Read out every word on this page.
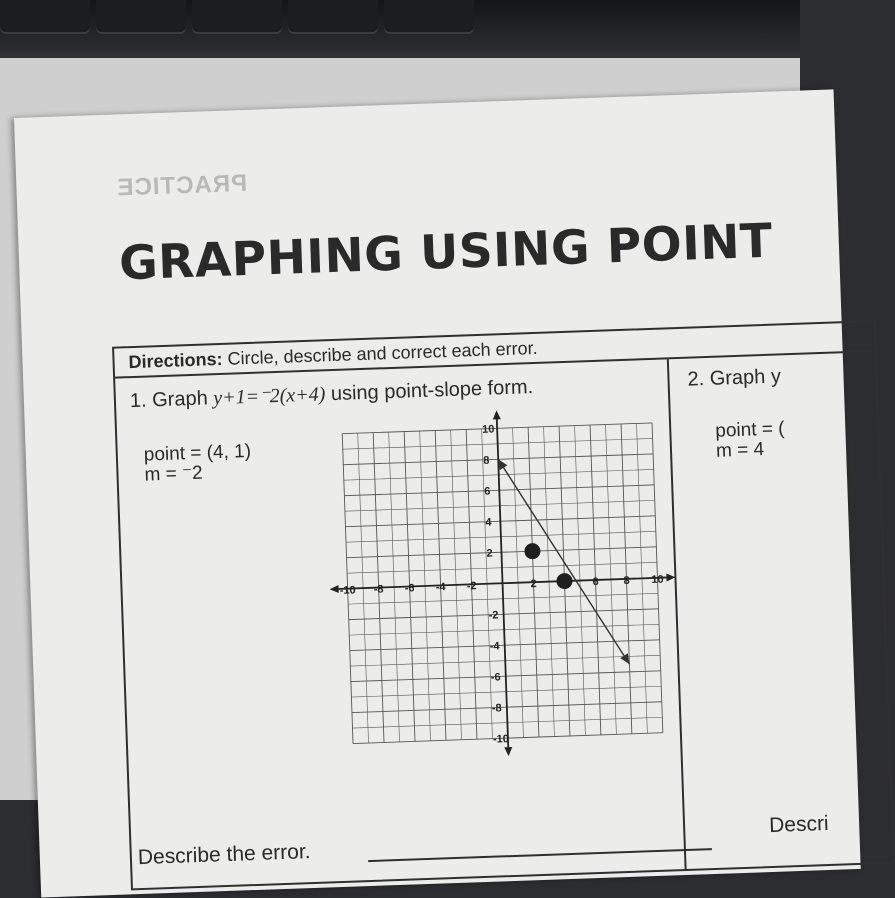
PRACTICE
GRAPHING USING POINT
Directions: Circle, describe and correct each error.
1. Graph y+1=⁻2(x+4) using point-slope form.
point = (4, 1)
m = ⁻2
2. Graph y
point = (
m = 4
-10 -8 -6 -4 -2	2	6 8 10
10
8
6
4
2
-2
-4
-6
-8
-10
Describe the error.
Descri
